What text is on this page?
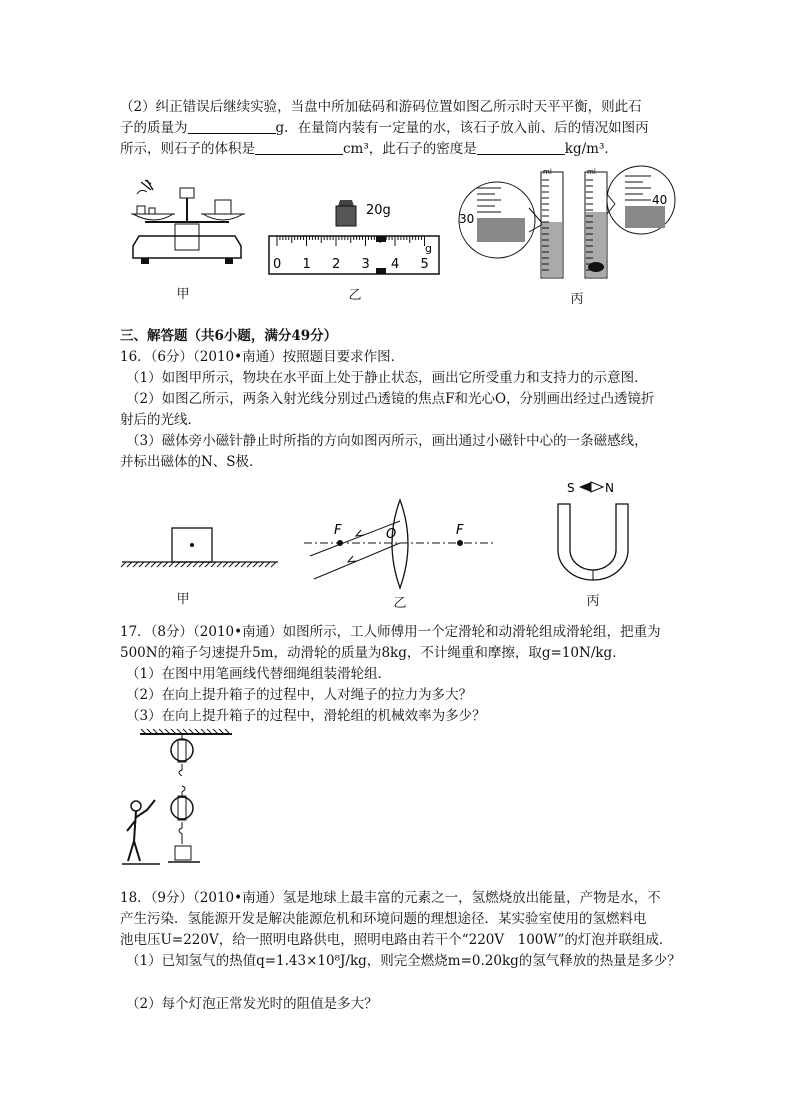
（2）纠正错误后继续实验，当盘中所加砝码和游码位置如图乙所示时天平平衡，则此石
子的质量为	g．在量筒内装有一定量的水，该石子放入前、后的情况如图丙
所示，则石子的体积是	cm³，此石子的密度是	kg/m³．
甲
20g
g
0 1 2 3 4 5
乙
30
ml	ml
40
丙
三、解答题（共6小题，满分49分）
16．（6分）（2010•南通）按照题目要求作图．
（1）如图甲所示，物块在水平面上处于静止状态，画出它所受重力和支持力的示意图．
（2）如图乙所示，两条入射光线分别过凸透镜的焦点F和光心O，分别画出经过凸透镜折
射后的光线．
（3）磁体旁小磁针静止时所指的方向如图丙所示，画出通过小磁针中心的一条磁感线，
并标出磁体的N、S极．
甲
F	O	F
乙
S	N
丙
17．（8分）（2010•南通）如图所示，工人师傅用一个定滑轮和动滑轮组成滑轮组，把重为
500N的箱子匀速提升5m，动滑轮的质量为8kg，不计绳重和摩擦，取g=10N/kg．
（1）在图中用笔画线代替细绳组装滑轮组．
（2）在向上提升箱子的过程中，人对绳子的拉力为多大？
（3）在向上提升箱子的过程中，滑轮组的机械效率为多少？
18．（9分）（2010•南通）氢是地球上最丰富的元素之一，氢燃烧放出能量，产物是水，不
产生污染．氢能源开发是解决能源危机和环境问题的理想途径．某实验室使用的氢燃料电
池电压U=220V，给一照明电路供电，照明电路由若干个“220V　100W”的灯泡并联组成．
（1）已知氢气的热值q=1.43×10⁸J/kg，则完全燃烧m=0.20kg的氢气释放的热量是多少？
（2）每个灯泡正常发光时的阻值是多大？
